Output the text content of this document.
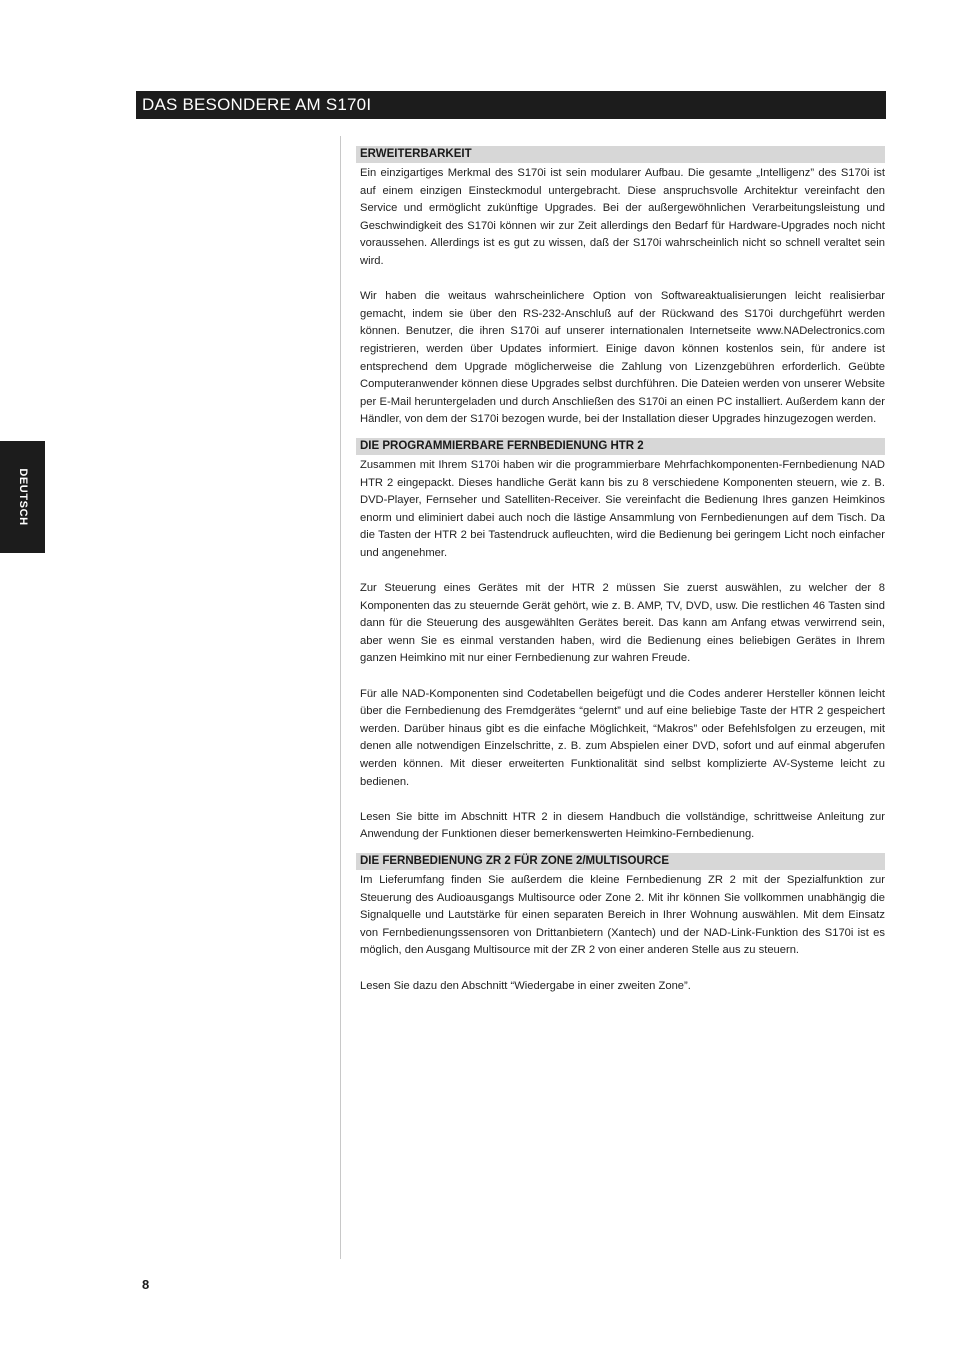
DAS BESONDERE AM S170I
DEUTSCH
ERWEITERBARKEIT

Ein einzigartiges Merkmal des S170i ist sein modularer Aufbau. Die gesamte „Intelligenz” des S170i ist auf einem einzigen Einsteckmodul untergebracht. Diese anspruchsvolle Architektur vereinfacht den Service und ermöglicht zukünftige Upgrades. Bei der außergewöhnlichen Verarbeitungsleistung und Geschwindigkeit des S170i können wir zur Zeit allerdings den Bedarf für Hardware-Upgrades noch nicht voraussehen. Allerdings ist es gut zu wissen, daß der S170i wahrscheinlich nicht so schnell veraltet sein wird.

Wir haben die weitaus wahrscheinlichere Option von Softwareaktualisierungen leicht realisierbar gemacht, indem sie über den RS-232-Anschluß auf der Rückwand des S170i durchgeführt werden können. Benutzer, die ihren S170i auf unserer internationalen Internetseite www.NADelectronics.com registrieren, werden über Updates informiert. Einige davon können kostenlos sein, für andere ist entsprechend dem Upgrade möglicherweise die Zahlung von Lizenzgebühren erforderlich. Geübte Computeranwender können diese Upgrades selbst durchführen. Die Dateien werden von unserer Website per E-Mail heruntergeladen und durch Anschließen des S170i an einen PC installiert. Außerdem kann der Händler, von dem der S170i bezogen wurde, bei der Installation dieser Upgrades hinzugezogen werden.

DIE PROGRAMMIERBARE FERNBEDIENUNG HTR 2

Zusammen mit Ihrem S170i haben wir die programmierbare Mehrfachkomponenten-Fernbedienung NAD HTR 2 eingepackt. Dieses handliche Gerät kann bis zu 8 verschiedene Komponenten steuern, wie z. B. DVD-Player, Fernseher und Satelliten-Receiver. Sie vereinfacht die Bedienung Ihres ganzen Heimkinos enorm und eliminiert dabei auch noch die lästige Ansammlung von Fernbedienungen auf dem Tisch. Da die Tasten der HTR 2 bei Tastendruck aufleuchten, wird die Bedienung bei geringem Licht noch einfacher und angenehmer.

Zur Steuerung eines Gerätes mit der HTR 2 müssen Sie zuerst auswählen, zu welcher der 8 Komponenten das zu steuernde Gerät gehört, wie z. B. AMP, TV, DVD, usw. Die restlichen 46 Tasten sind dann für die Steuerung des ausgewählten Gerätes bereit. Das kann am Anfang etwas verwirrend sein, aber wenn Sie es einmal verstanden haben, wird die Bedienung eines beliebigen Gerätes in Ihrem ganzen Heimkino mit nur einer Fernbedienung zur wahren Freude.

Für alle NAD-Komponenten sind Codetabellen beigefügt und die Codes anderer Hersteller können leicht über die Fernbedienung des Fremdgerätes “gelernt” und auf eine beliebige Taste der HTR 2 gespeichert werden. Darüber hinaus gibt es die einfache Möglichkeit, “Makros” oder Befehlsfolgen zu erzeugen, mit denen alle notwendigen Einzelschritte, z. B. zum Abspielen einer DVD, sofort und auf einmal abgerufen werden können. Mit dieser erweiterten Funktionalität sind selbst komplizierte AV-Systeme leicht zu bedienen.

Lesen Sie bitte im Abschnitt HTR 2 in diesem Handbuch die vollständige, schrittweise Anleitung zur Anwendung der Funktionen dieser bemerkenswerten Heimkino-Fernbedienung.

DIE FERNBEDIENUNG ZR 2 FÜR ZONE 2/MULTISOURCE

Im Lieferumfang finden Sie außerdem die kleine Fernbedienung ZR 2 mit der Spezialfunktion zur Steuerung des Audioausgangs Multisource oder Zone 2. Mit ihr können Sie vollkommen unabhängig die Signalquelle und Lautstärke für einen separaten Bereich in Ihrer Wohnung auswählen. Mit dem Einsatz von Fernbedienungssensoren von Drittanbietern (Xantech) und der NAD-Link-Funktion des S170i ist es möglich, den Ausgang Multisource mit der ZR 2 von einer anderen Stelle aus zu steuern.

Lesen Sie dazu den Abschnitt “Wiedergabe in einer zweiten Zone”.

8
